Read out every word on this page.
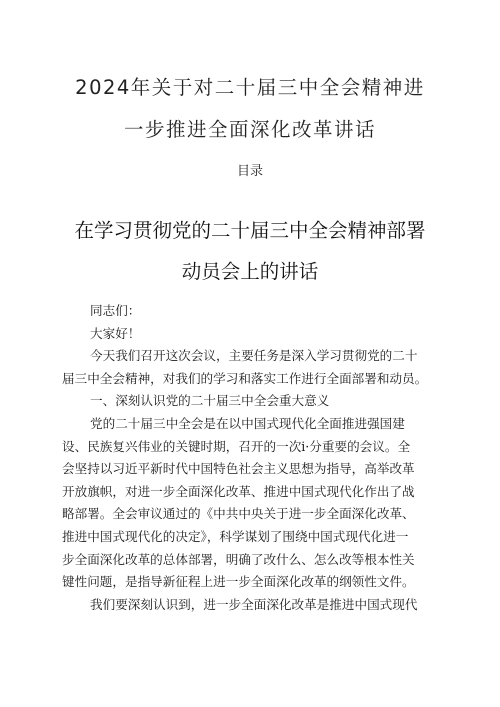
2024年关于对二十届三中全会精神进
一步推进全面深化改革讲话
目录
在学习贯彻党的二十届三中全会精神部署
动员会上的讲话
同志们：
大家好！
今天我们召开这次会议，主要任务是深入学习贯彻党的二十
届三中全会精神，对我们的学习和落实工作进行全面部署和动员。
一、深刻认识党的二十届三中全会重大意义
党的二十届三中全会是在以中国式现代化全面推进强国建
设、民族复兴伟业的关键时期，召开的一次i·分重要的会议。全
会坚持以习近平新时代中国特色社会主义思想为指导，高举改革
开放旗帜，对进一步全面深化改革、推进中国式现代化作出了战
略部署。全会审议通过的《中共中央关于进一步全面深化改革、
推进中国式现代化的决定》，科学谋划了围绕中国式现代化进一
步全面深化改革的总体部署，明确了改什么、怎么改等根本性关
键性问题，是指导新征程上进一步全面深化改革的纲领性文件。
我们要深刻认识到，进一步全面深化改革是推进中国式现代
